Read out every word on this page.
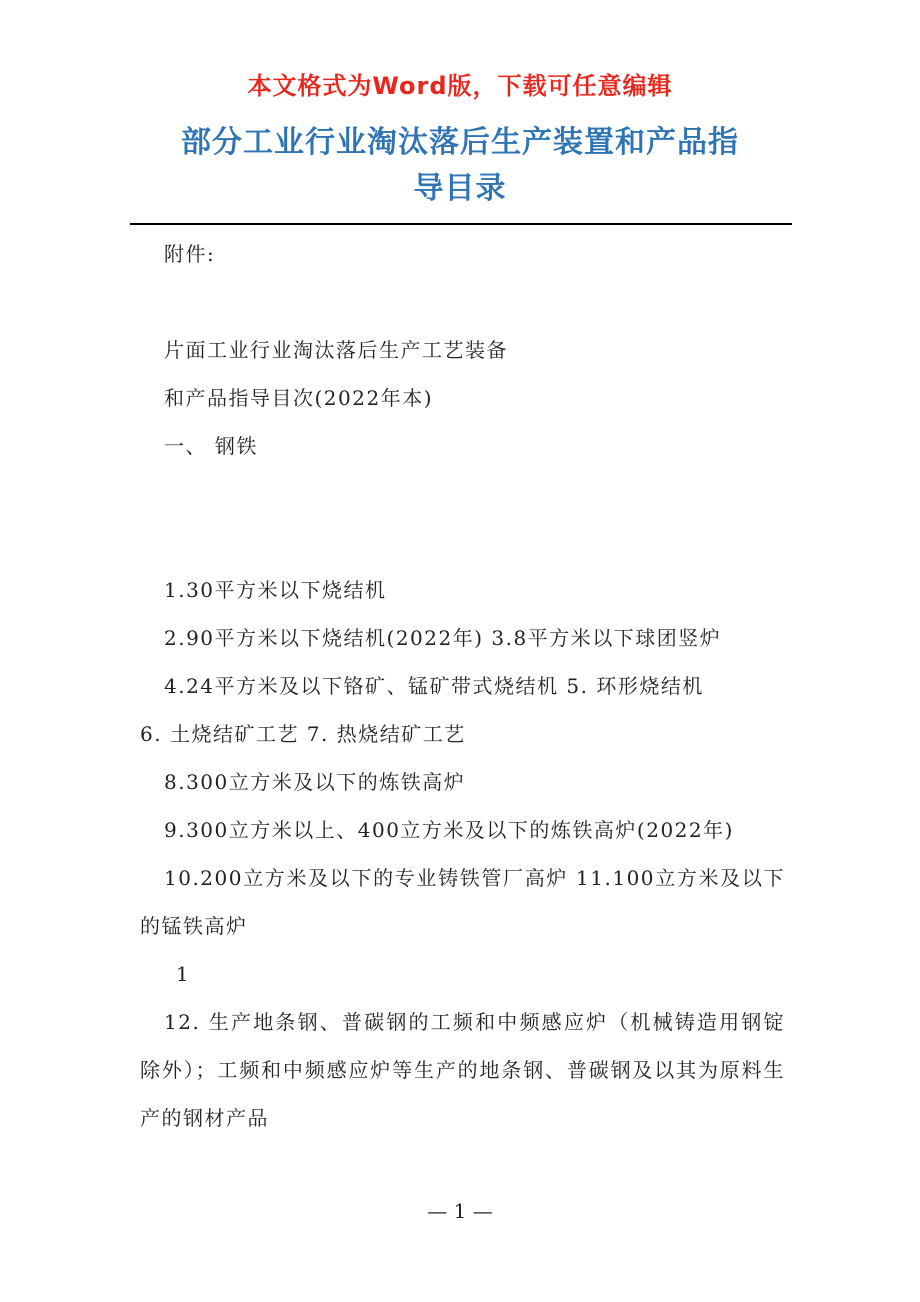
本文格式为Word版，下载可任意编辑
部分工业行业淘汰落后生产装置和产品指
导目录

附件:

片面工业行业淘汰落后生产工艺装备

和产品指导目次(2022年本)

一、 钢铁

1.30平方米以下烧结机

2.90平方米以下烧结机(2022年) 3.8平方米以下球团竖炉

4.24平方米及以下铬矿、锰矿带式烧结机 5. 环形烧结机

6. 土烧结矿工艺 7. 热烧结矿工艺

8.300立方米及以下的炼铁高炉

9.300立方米以上、400立方米及以下的炼铁高炉(2022年)

10.200立方米及以下的专业铸铁管厂高炉 11.100立方米及以下的锰铁高炉

1

12. 生产地条钢、普碳钢的工频和中频感应炉（机械铸造用钢锭除外）；工频和中频感应炉等生产的地条钢、普碳钢及以其为原料生产的钢材产品

— 1 —
